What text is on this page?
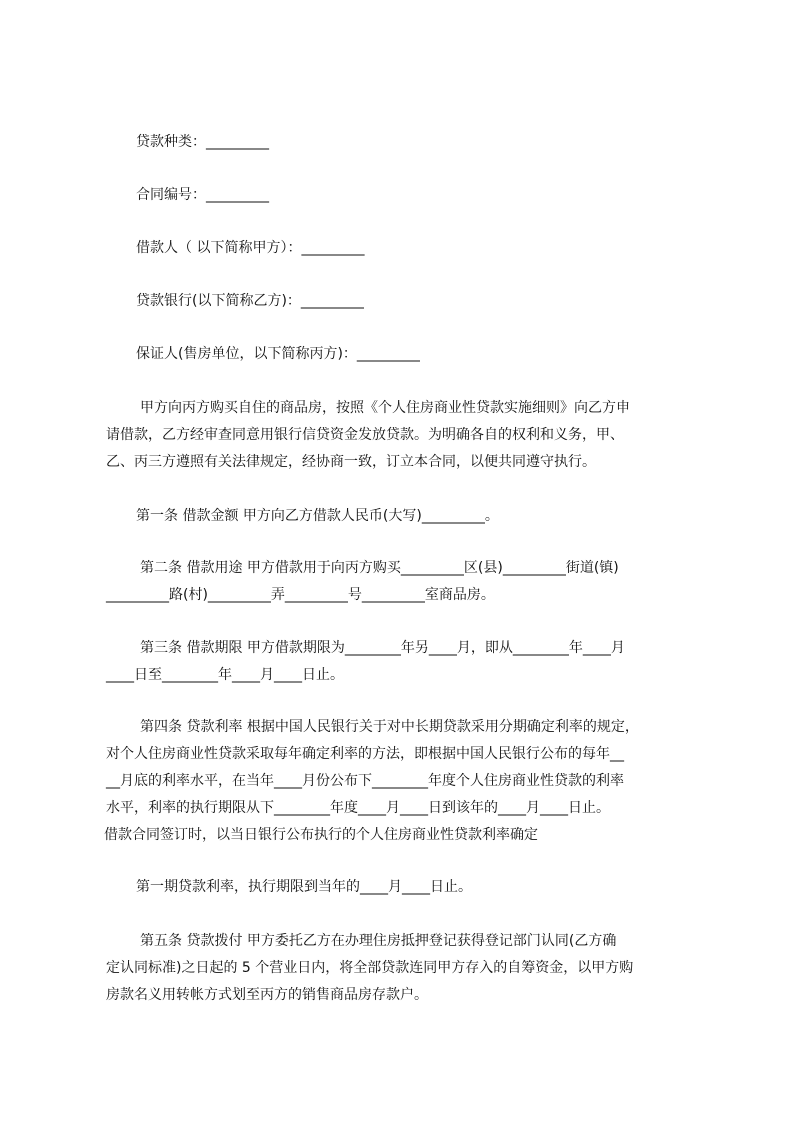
贷款种类：_________
合同编号：_________
借款人（ 以下简称甲方）：_________
贷款银行(以下简称乙方)：_________
保证人(售房单位，以下简称丙方)：_________
甲方向丙方购买自住的商品房，按照《个人住房商业性贷款实施细则》向乙方申
请借款，乙方经审查同意用银行信贷资金发放贷款。为明确各自的权利和义务，甲、
乙、丙三方遵照有关法律规定，经协商一致，订立本合同，以便共同遵守执行。
第一条 借款金额 甲方向乙方借款人民币(大写)_________。
第二条 借款用途 甲方借款用于向丙方购买_________区(县)_________街道(镇)
_________路(村)_________弄_________号_________室商品房。
第三条 借款期限 甲方借款期限为________年另____月，即从________年____月
____日至________年____月____日止。
第四条 贷款利率 根据中国人民银行关于对中长期贷款采用分期确定利率的规定，
对个人住房商业性贷款采取每年确定利率的方法，即根据中国人民银行公布的每年__
__月底的利率水平，在当年____月份公布下________年度个人住房商业性贷款的利率
水平，利率的执行期限从下________年度____月____日到该年的____月____日止。
借款合同签订时，以当日银行公布执行的个人住房商业性贷款利率确定
第一期贷款利率，执行期限到当年的____月____日止。
第五条 贷款拨付 甲方委托乙方在办理住房抵押登记获得登记部门认同(乙方确
定认同标准)之日起的 5 个营业日内，将全部贷款连同甲方存入的自筹资金，以甲方购
房款名义用转帐方式划至丙方的销售商品房存款户。
